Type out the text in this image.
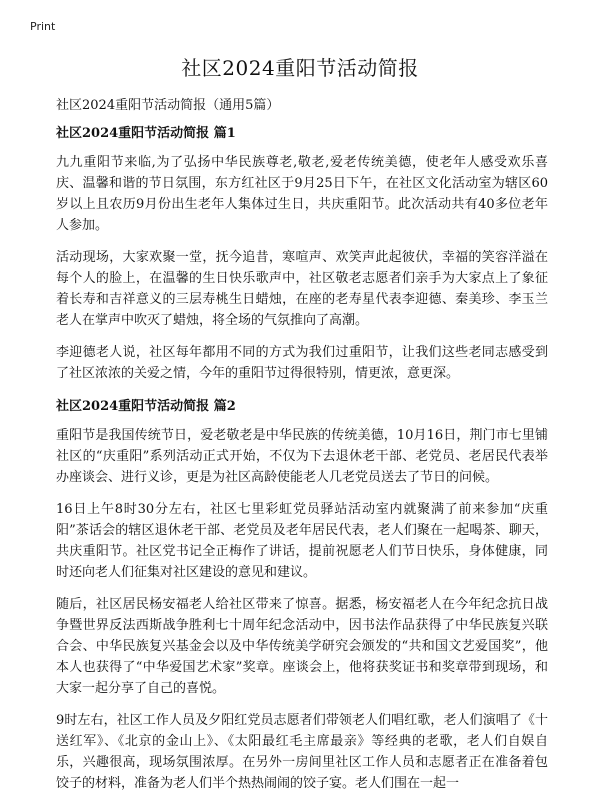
Print
社区2024重阳节活动简报

社区2024重阳节活动简报（通用5篇）

社区2024重阳节活动简报 篇1

九九重阳节来临,为了弘扬中华民族尊老,敬老,爱老传统美德，使老年人感受欢乐喜庆、温馨和谐的节日氛围，东方红社区于9月25日下午，在社区文化活动室为辖区60岁以上且农历9月份出生老年人集体过生日，共庆重阳节。此次活动共有40多位老年人参加。

活动现场，大家欢聚一堂，抚今追昔，寒喧声、欢笑声此起彼伏，幸福的笑容洋溢在每个人的脸上，在温馨的生日快乐歌声中，社区敬老志愿者们亲手为大家点上了象征着长寿和吉祥意义的三层寿桃生日蜡烛，在座的老寿星代表李迎德、秦美珍、李玉兰老人在掌声中吹灭了蜡烛，将全场的气氛推向了高潮。

李迎德老人说，社区每年都用不同的方式为我们过重阳节，让我们这些老同志感受到了社区浓浓的关爱之情，今年的重阳节过得很特别，情更浓，意更深。

社区2024重阳节活动简报 篇2

重阳节是我国传统节日，爱老敬老是中华民族的传统美德，10月16日，荆门市七里铺社区的“庆重阳”系列活动正式开始，不仅为下去退休老干部、老党员、老居民代表举办座谈会、进行义诊，更是为社区高龄使能老人几老党员送去了节日的问候。

16日上午8时30分左右，社区七里彩虹党员驿站活动室内就聚满了前来参加“庆重阳”茶话会的辖区退休老干部、老党员及老年居民代表，老人们聚在一起喝茶、聊天，共庆重阳节。社区党书记全正梅作了讲话，提前祝愿老人们节日快乐，身体健康，同时还向老人们征集对社区建设的意见和建议。

随后，社区居民杨安福老人给社区带来了惊喜。据悉，杨安福老人在今年纪念抗日战争暨世界反法西斯战争胜利七十周年纪念活动中，因书法作品获得了中华民族复兴联合会、中华民族复兴基金会以及中华传统美学研究会颁发的“共和国文艺爱国奖”，他本人也获得了“中华爱国艺术家”奖章。座谈会上，他将获奖证书和奖章带到现场，和大家一起分享了自己的喜悦。

9时左右，社区工作人员及夕阳红党员志愿者们带领老人们唱红歌，老人们演唱了《十送红军》、《北京的金山上》、《太阳最红毛主席最亲》等经典的老歌，老人们自娱自乐，兴趣很高，现场氛围浓厚。在另外一房间里社区工作人员和志愿者正在准备着包饺子的材料，准备为老人们半个热热闹闹的饺子宴。老人们围在一起一
